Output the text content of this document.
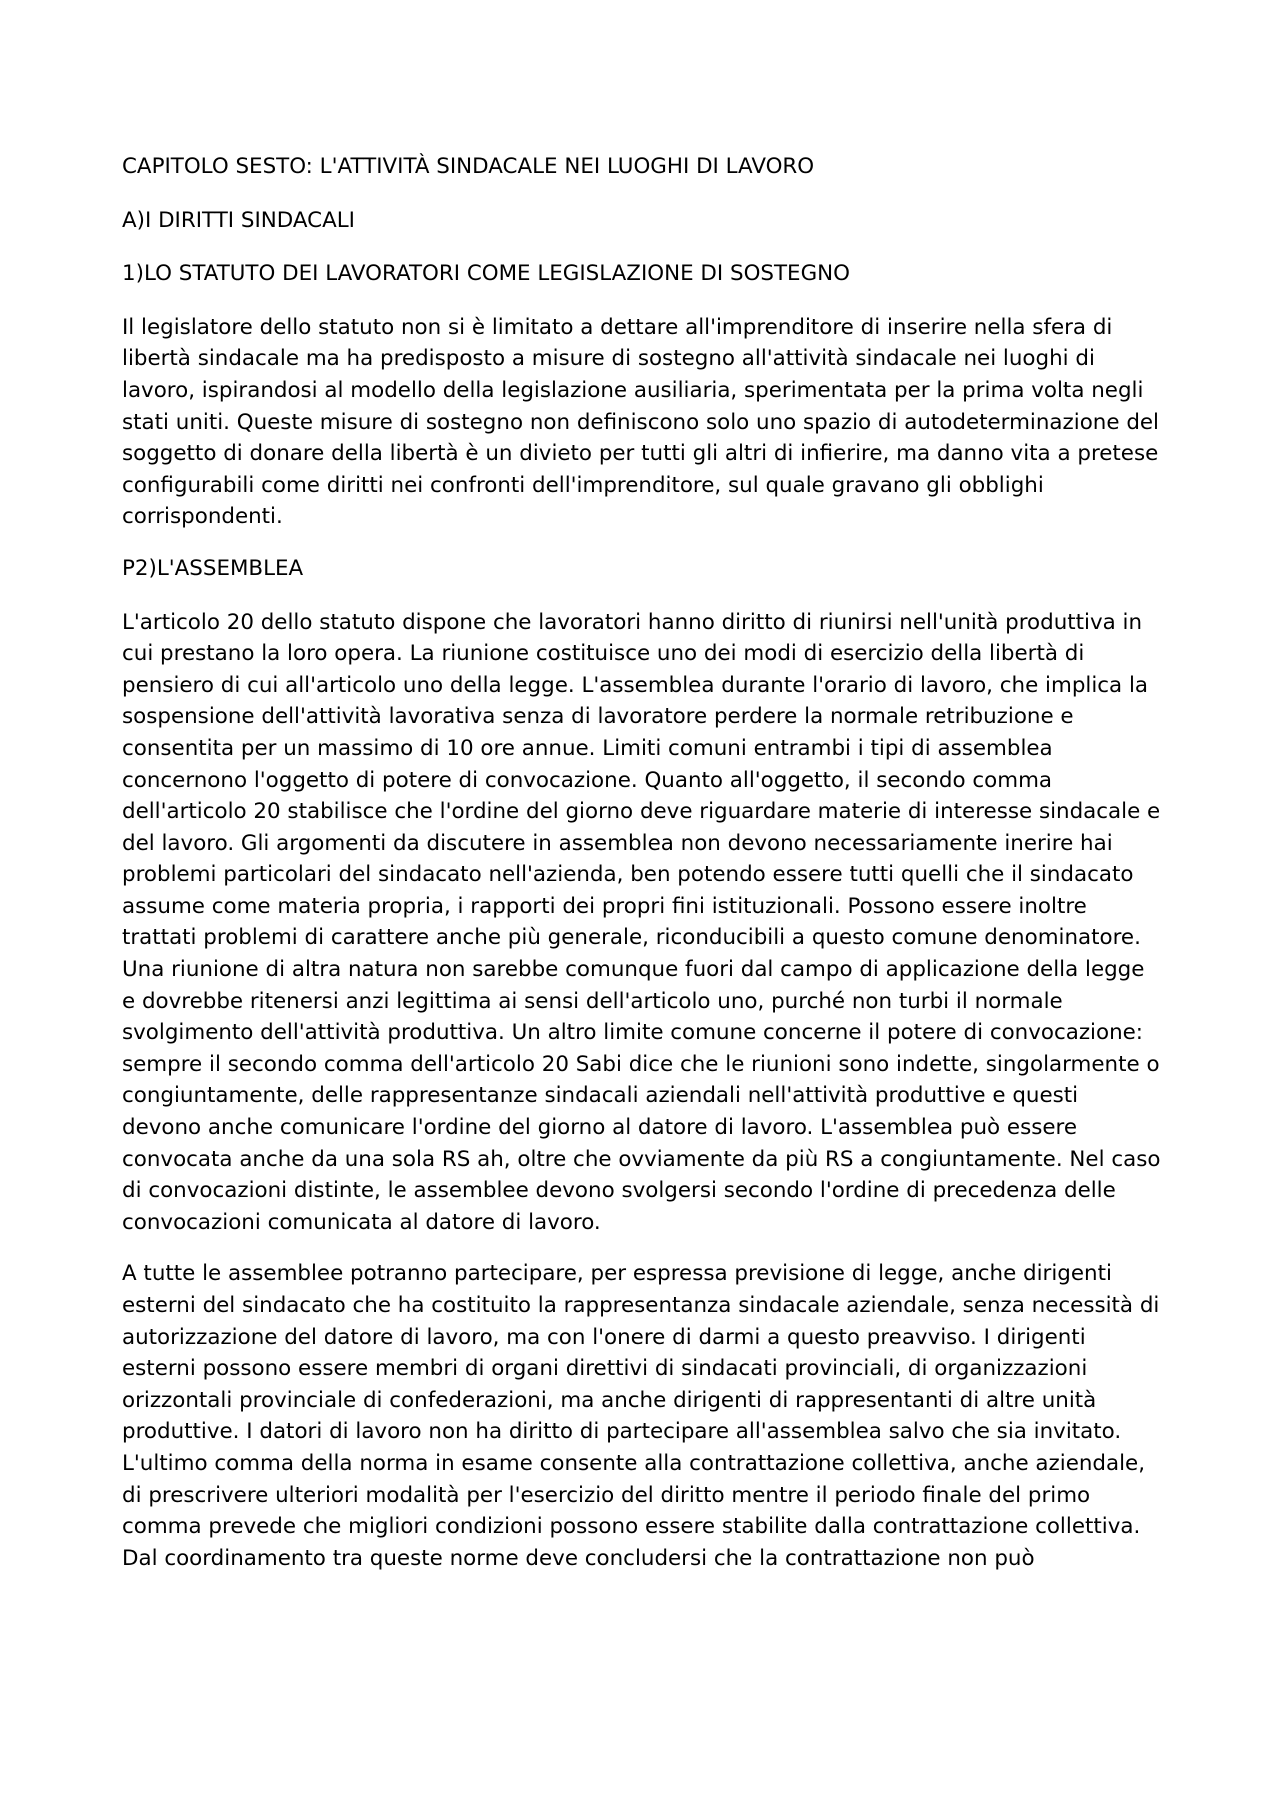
CAPITOLO SESTO: L'ATTIVITÀ SINDACALE NEI LUOGHI DI LAVORO

A)I DIRITTI SINDACALI

1)LO STATUTO DEI LAVORATORI COME LEGISLAZIONE DI SOSTEGNO

Il legislatore dello statuto non si è limitato a dettare all'imprenditore di inserire nella sfera di libertà sindacale ma ha predisposto a misure di sostegno all'attività sindacale nei luoghi di lavoro, ispirandosi al modello della legislazione ausiliaria, sperimentata per la prima volta negli stati uniti. Queste misure di sostegno non definiscono solo uno spazio di autodeterminazione del soggetto di donare della libertà è un divieto per tutti gli altri di infierire, ma danno vita a pretese configurabili come diritti nei confronti dell'imprenditore, sul quale gravano gli obblighi corrispondenti.

P2)L'ASSEMBLEA

L'articolo 20 dello statuto dispone che lavoratori hanno diritto di riunirsi nell'unità produttiva in cui prestano la loro opera. La riunione costituisce uno dei modi di esercizio della libertà di pensiero di cui all'articolo uno della legge. L'assemblea durante l'orario di lavoro, che implica la sospensione dell'attività lavorativa senza di lavoratore perdere la normale retribuzione e consentita per un massimo di 10 ore annue. Limiti comuni entrambi i tipi di assemblea concernono l'oggetto di potere di convocazione. Quanto all'oggetto, il secondo comma dell'articolo 20 stabilisce che l'ordine del giorno deve riguardare materie di interesse sindacale e del lavoro. Gli argomenti da discutere in assemblea non devono necessariamente inerire hai problemi particolari del sindacato nell'azienda, ben potendo essere tutti quelli che il sindacato assume come materia propria, i rapporti dei propri fini istituzionali. Possono essere inoltre trattati problemi di carattere anche più generale, riconducibili a questo comune denominatore. Una riunione di altra natura non sarebbe comunque fuori dal campo di applicazione della legge e dovrebbe ritenersi anzi legittima ai sensi dell'articolo uno, purché non turbi il normale svolgimento dell'attività produttiva. Un altro limite comune concerne il potere di convocazione: sempre il secondo comma dell'articolo 20 Sabi dice che le riunioni sono indette, singolarmente o congiuntamente, delle rappresentanze sindacali aziendali nell'attività produttive e questi devono anche comunicare l'ordine del giorno al datore di lavoro. L'assemblea può essere convocata anche da una sola RS ah, oltre che ovviamente da più RS a congiuntamente. Nel caso di convocazioni distinte, le assemblee devono svolgersi secondo l'ordine di precedenza delle convocazioni comunicata al datore di lavoro.

A tutte le assemblee potranno partecipare, per espressa previsione di legge, anche dirigenti esterni del sindacato che ha costituito la rappresentanza sindacale aziendale, senza necessità di autorizzazione del datore di lavoro, ma con l'onere di darmi a questo preavviso. I dirigenti esterni possono essere membri di organi direttivi di sindacati provinciali, di organizzazioni orizzontali provinciale di confederazioni, ma anche dirigenti di rappresentanti di altre unità produttive. I datori di lavoro non ha diritto di partecipare all'assemblea salvo che sia invitato. L'ultimo comma della norma in esame consente alla contrattazione collettiva, anche aziendale, di prescrivere ulteriori modalità per l'esercizio del diritto mentre il periodo finale del primo comma prevede che migliori condizioni possono essere stabilite dalla contrattazione collettiva. Dal coordinamento tra queste norme deve concludersi che la contrattazione non può
